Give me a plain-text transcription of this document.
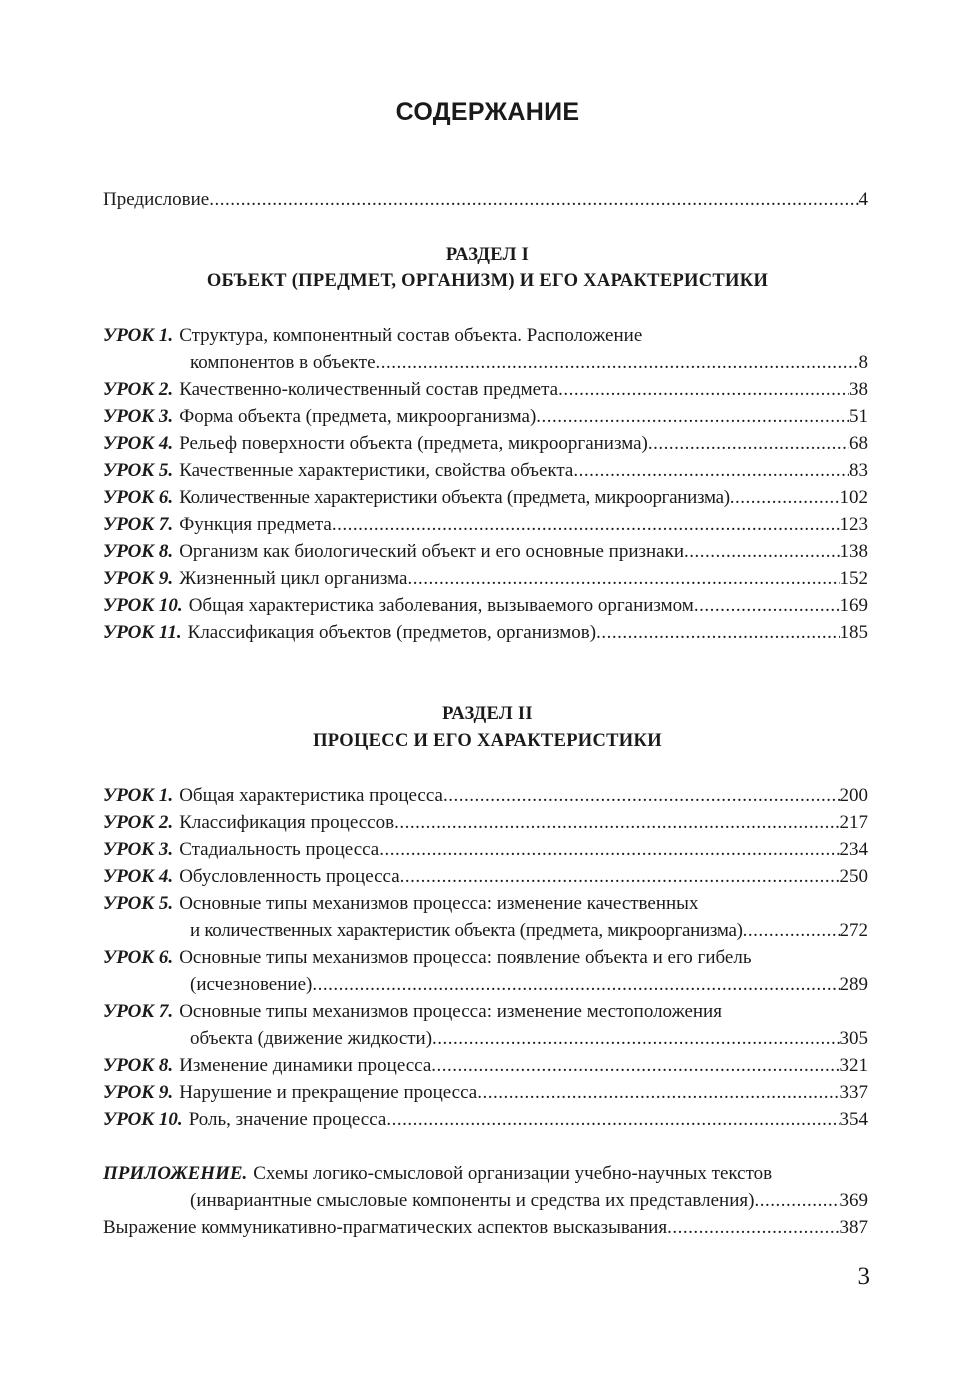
СОДЕРЖАНИЕ
Предисловие .....	4
РАЗДЕЛ I
ОБЪЕКТ (ПРЕДМЕТ, ОРГАНИЗМ) И ЕГО ХАРАКТЕРИСТИКИ
УРОК 1. Структура, компонентный состав объекта. Расположение
компонентов в объекте .....	8
УРОК 2. Качественно-количественный состав предмета .....	38
УРОК 3. Форма объекта (предмета, микроорганизма) .....	51
УРОК 4. Рельеф поверхности объекта (предмета, микроорганизма) .....	68
УРОК 5. Качественные характеристики, свойства объекта .....	83
УРОК 6. Количественные характеристики объекта (предмета, микроорганизма) .....	102
УРОК 7. Функция предмета .....	123
УРОК 8. Организм как биологический объект и его основные признаки .....	138
УРОК 9. Жизненный цикл организма .....	152
УРОК 10. Общая характеристика заболевания, вызываемого организмом .....	169
УРОК 11. Классификация объектов (предметов, организмов) .....	185
РАЗДЕЛ II
ПРОЦЕСС И ЕГО ХАРАКТЕРИСТИКИ
УРОК 1. Общая характеристика процесса .....	200
УРОК 2. Классификация процессов .....	217
УРОК 3. Стадиальность процесса .....	234
УРОК 4. Обусловленность процесса .....	250
УРОК 5. Основные типы механизмов процесса: изменение качественных
и количественных характеристик объекта (предмета, микроорганизма) .....	272
УРОК 6. Основные типы механизмов процесса: появление объекта и его гибель
(исчезновение) .....	289
УРОК 7. Основные типы механизмов процесса: изменение местоположения
объекта (движение жидкости) .....	305
УРОК 8. Изменение динамики процесса .....	321
УРОК 9. Нарушение и прекращение процесса .....	337
УРОК 10. Роль, значение процесса .....	354
ПРИЛОЖЕНИЕ. Схемы логико-смысловой организации учебно-научных текстов
(инвариантные смысловые компоненты и средства их представления) .....	369
Выражение коммуникативно-прагматических аспектов высказывания .....	387
3
